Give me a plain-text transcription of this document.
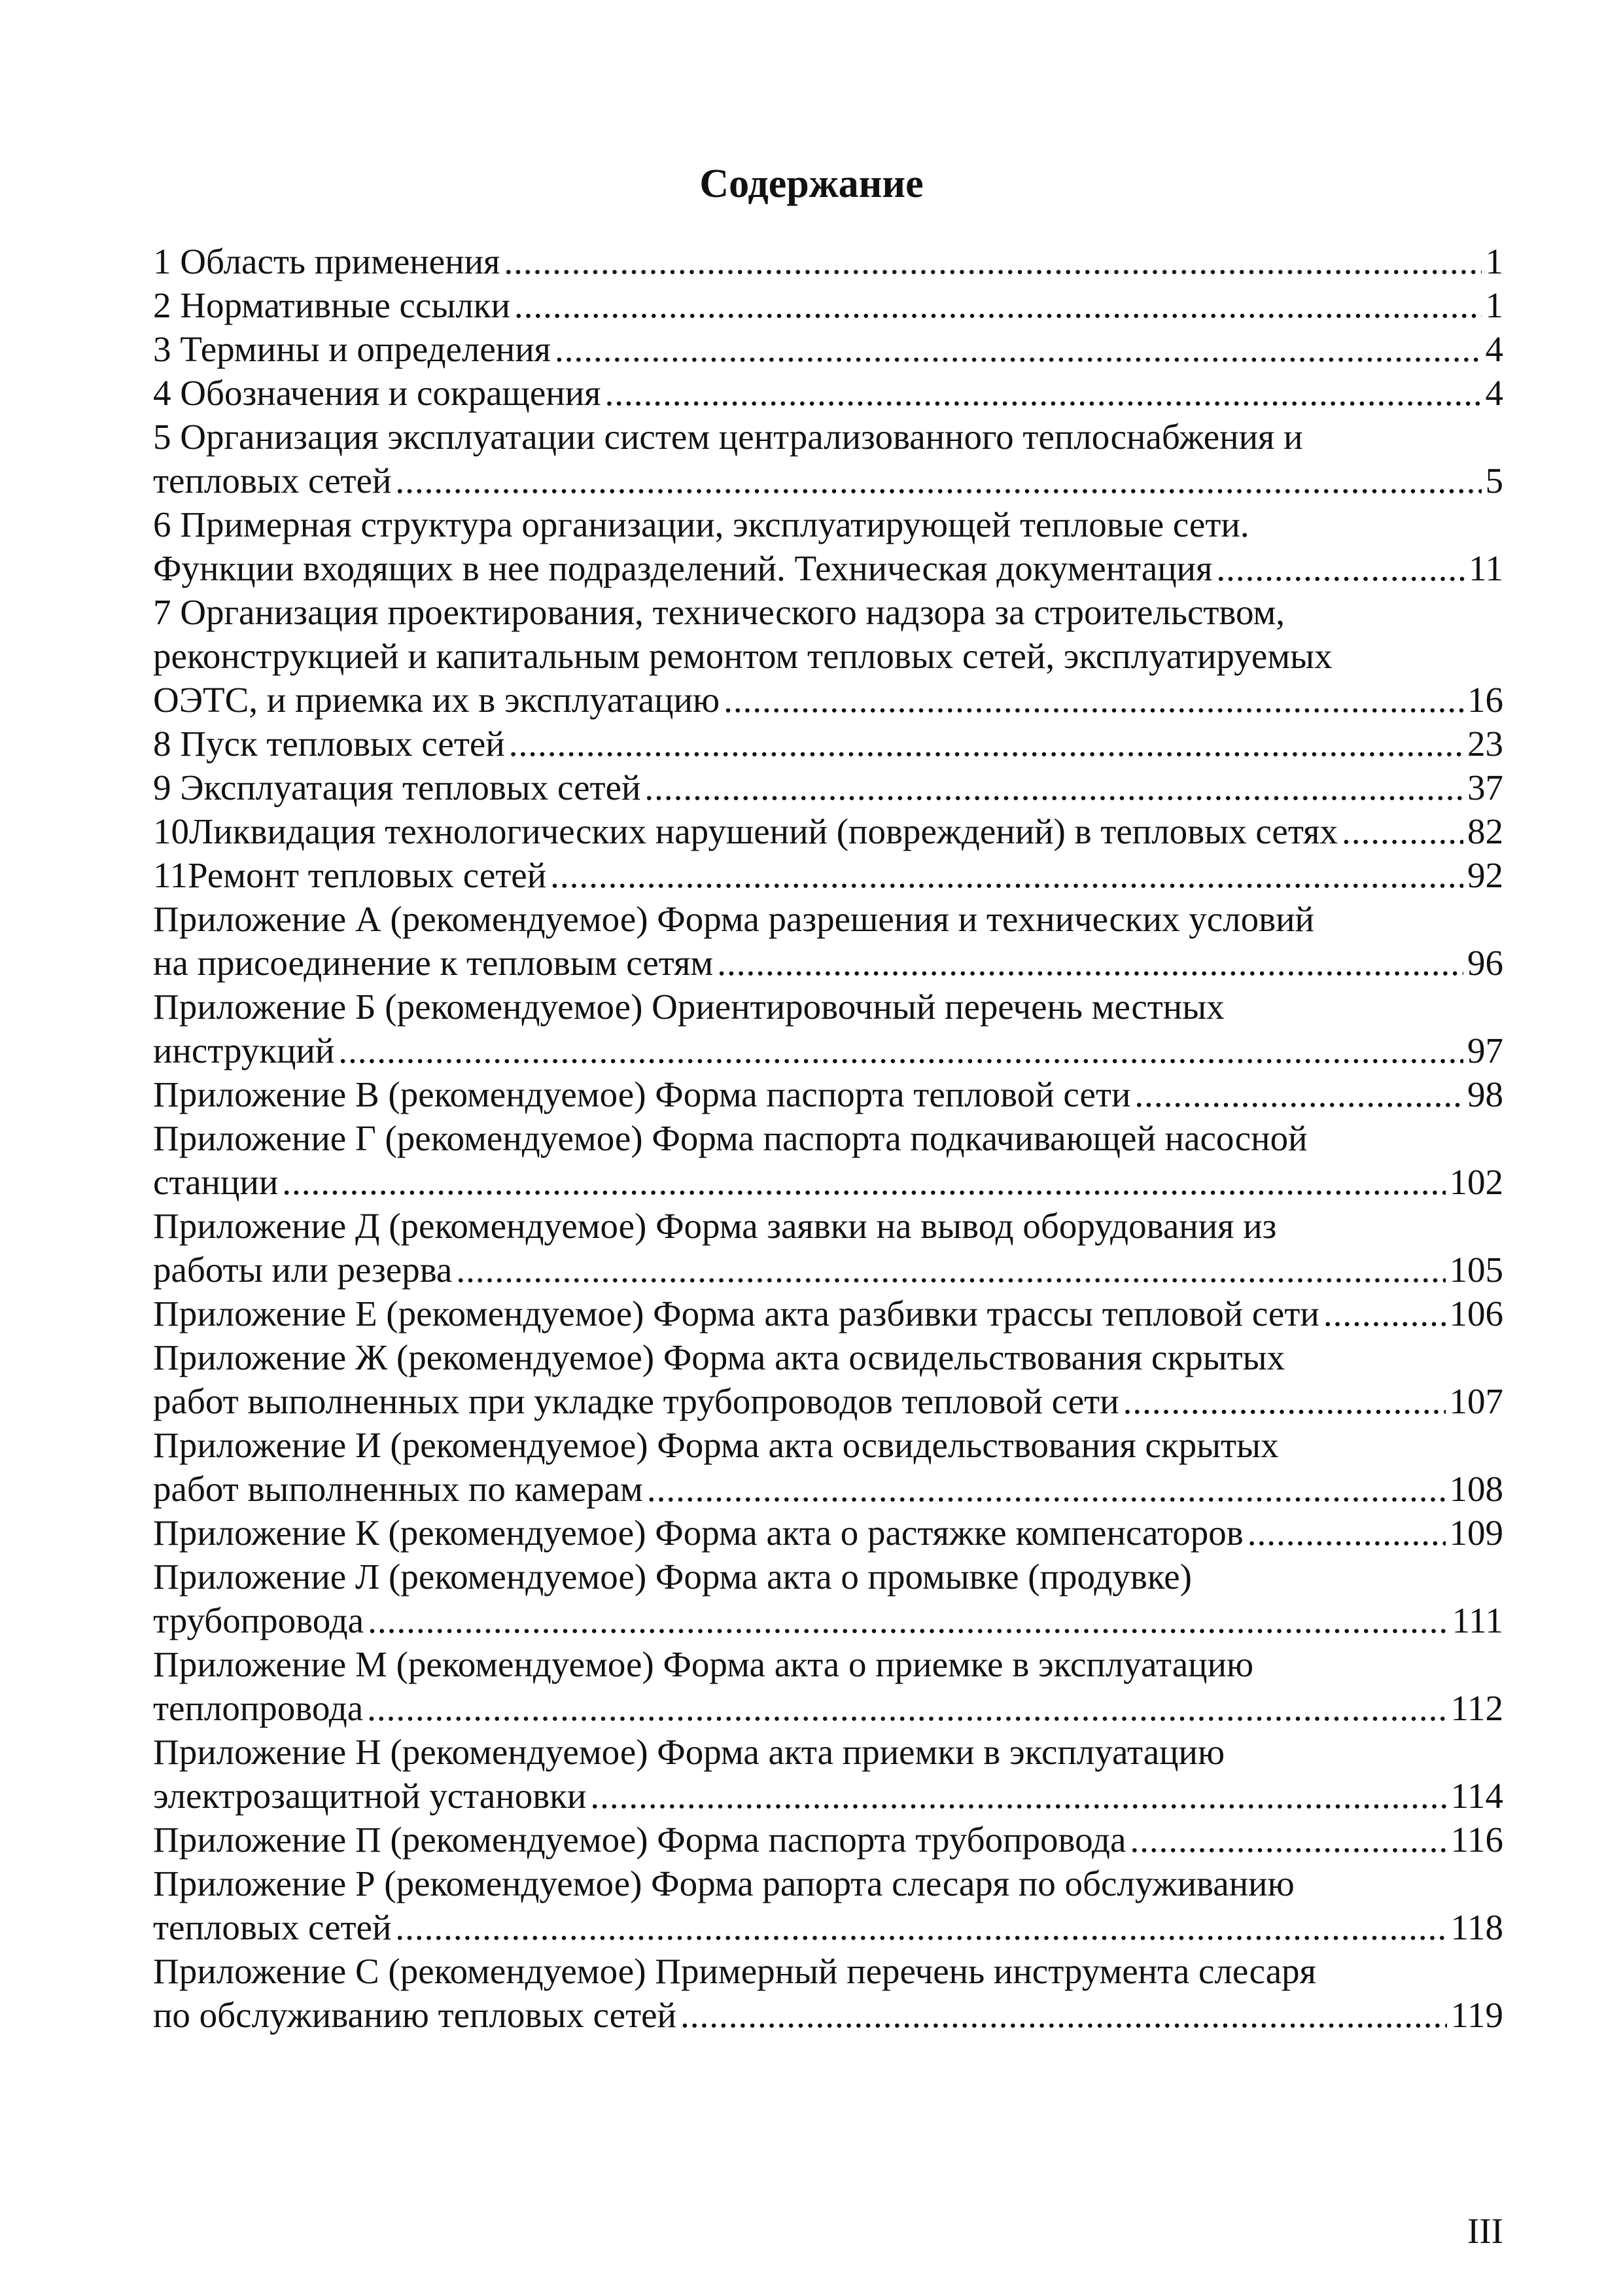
Содержание
1 Область применения .....	1
2 Нормативные ссылки .....	1
3 Термины и определения .....	4
4 Обозначения и сокращения .....	4
5 Организация эксплуатации систем централизованного теплоснабжения и
тепловых сетей .....	5
6 Примерная структура организации, эксплуатирующей тепловые сети.
Функции входящих в нее подразделений. Техническая документация .....	11
7 Организация проектирования, технического надзора за строительством,
реконструкцией и капитальным ремонтом тепловых сетей, эксплуатируемых
ОЭТС, и приемка их в эксплуатацию .....	16
8 Пуск тепловых сетей .....	23
9 Эксплуатация тепловых сетей .....	37
10Ликвидация технологических нарушений (повреждений) в тепловых сетях .....	82
11Ремонт тепловых сетей .....	92
Приложение А (рекомендуемое) Форма разрешения и технических условий
на присоединение к тепловым сетям .....	96
Приложение Б (рекомендуемое) Ориентировочный перечень местных
инструкций .....	97
Приложение В (рекомендуемое) Форма паспорта тепловой сети .....	98
Приложение Г (рекомендуемое) Форма паспорта подкачивающей насосной
станции .....	102
Приложение Д (рекомендуемое) Форма заявки на вывод оборудования из
работы или резерва .....	105
Приложение Е (рекомендуемое) Форма акта разбивки трассы тепловой сети .....	106
Приложение Ж (рекомендуемое) Форма акта освидельствования скрытых
работ выполненных при укладке трубопроводов тепловой сети .....	107
Приложение И (рекомендуемое) Форма акта освидельствования скрытых
работ выполненных по камерам .....	108
Приложение К (рекомендуемое) Форма акта о растяжке компенсаторов .....	109
Приложение Л (рекомендуемое) Форма акта о промывке (продувке)
трубопровода .....	111
Приложение М (рекомендуемое) Форма акта о приемке в эксплуатацию
теплопровода .....	112
Приложение Н (рекомендуемое) Форма акта приемки в эксплуатацию
электрозащитной установки .....	114
Приложение П (рекомендуемое) Форма паспорта трубопровода .....	116
Приложение Р (рекомендуемое) Форма рапорта слесаря по обслуживанию
тепловых сетей .....	118
Приложение С (рекомендуемое) Примерный перечень инструмента слесаря
по обслуживанию тепловых сетей .....	119
III
